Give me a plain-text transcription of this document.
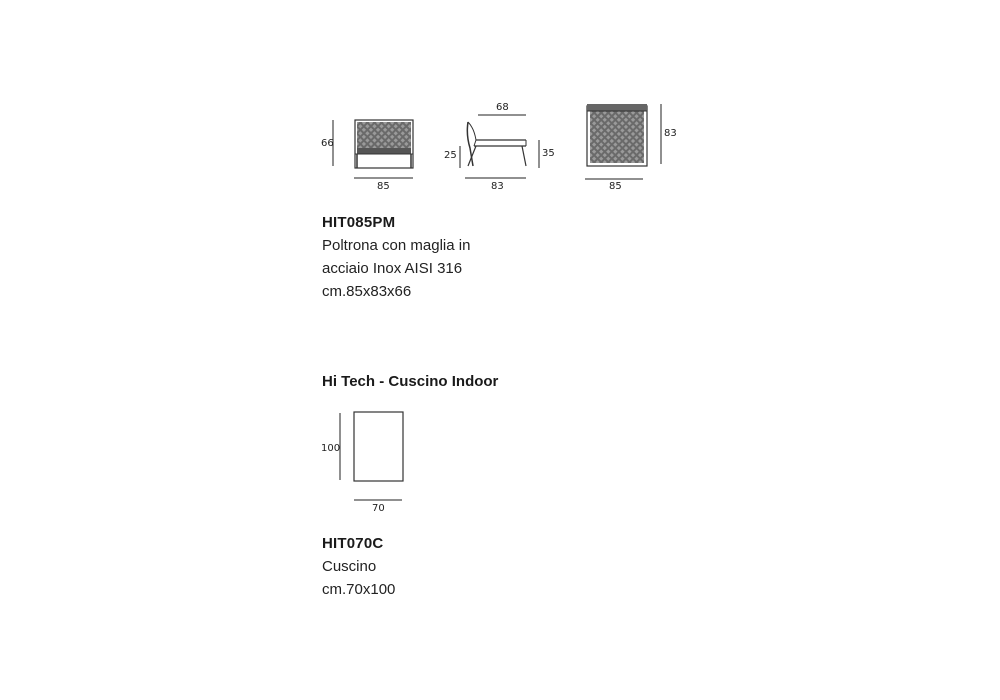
66
85
68
25	35
83
83
85
HIT085PM
Poltrona con maglia in
acciaio Inox AISI 316
cm.85x83x66
Hi Tech - Cuscino Indoor
100
70
HIT070C
Cuscino
cm.70x100
